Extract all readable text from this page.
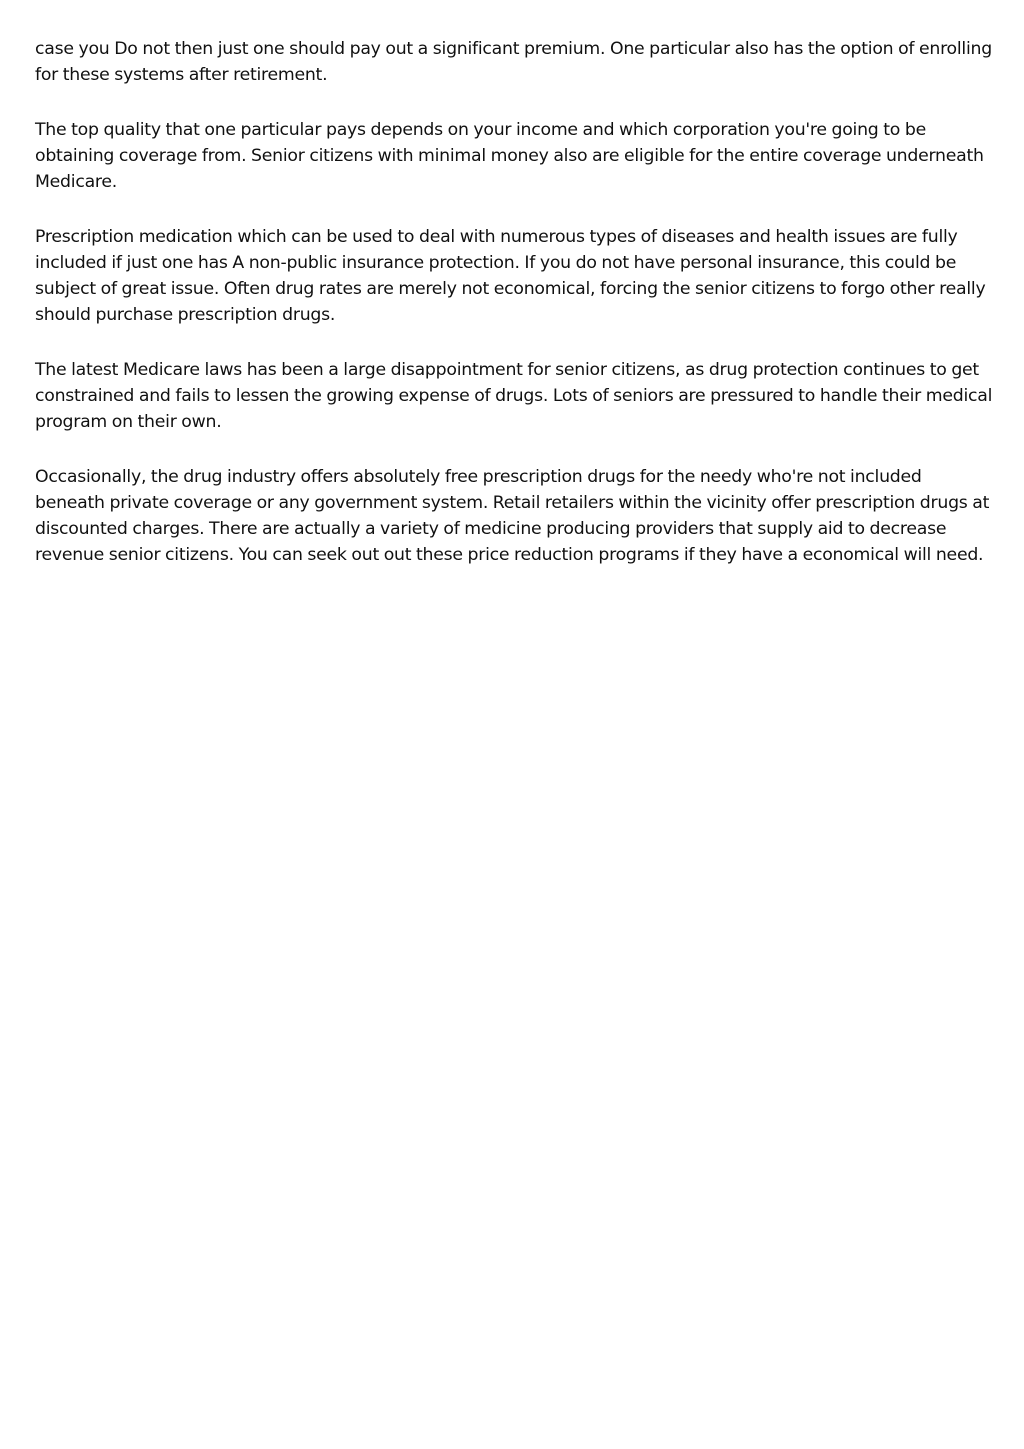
case you Do not then just one should pay out a significant premium. One particular also has the option of enrolling for these systems after retirement.

The top quality that one particular pays depends on your income and which corporation you're going to be obtaining coverage from. Senior citizens with minimal money also are eligible for the entire coverage underneath Medicare.

Prescription medication which can be used to deal with numerous types of diseases and health issues are fully included if just one has A non-public insurance protection. If you do not have personal insurance, this could be subject of great issue. Often drug rates are merely not economical, forcing the senior citizens to forgo other really should purchase prescription drugs.

The latest Medicare laws has been a large disappointment for senior citizens, as drug protection continues to get constrained and fails to lessen the growing expense of drugs. Lots of seniors are pressured to handle their medical program on their own.

Occasionally, the drug industry offers absolutely free prescription drugs for the needy who're not included beneath private coverage or any government system. Retail retailers within the vicinity offer prescription drugs at discounted charges. There are actually a variety of medicine producing providers that supply aid to decrease revenue senior citizens. You can seek out out these price reduction programs if they have a economical will need.
